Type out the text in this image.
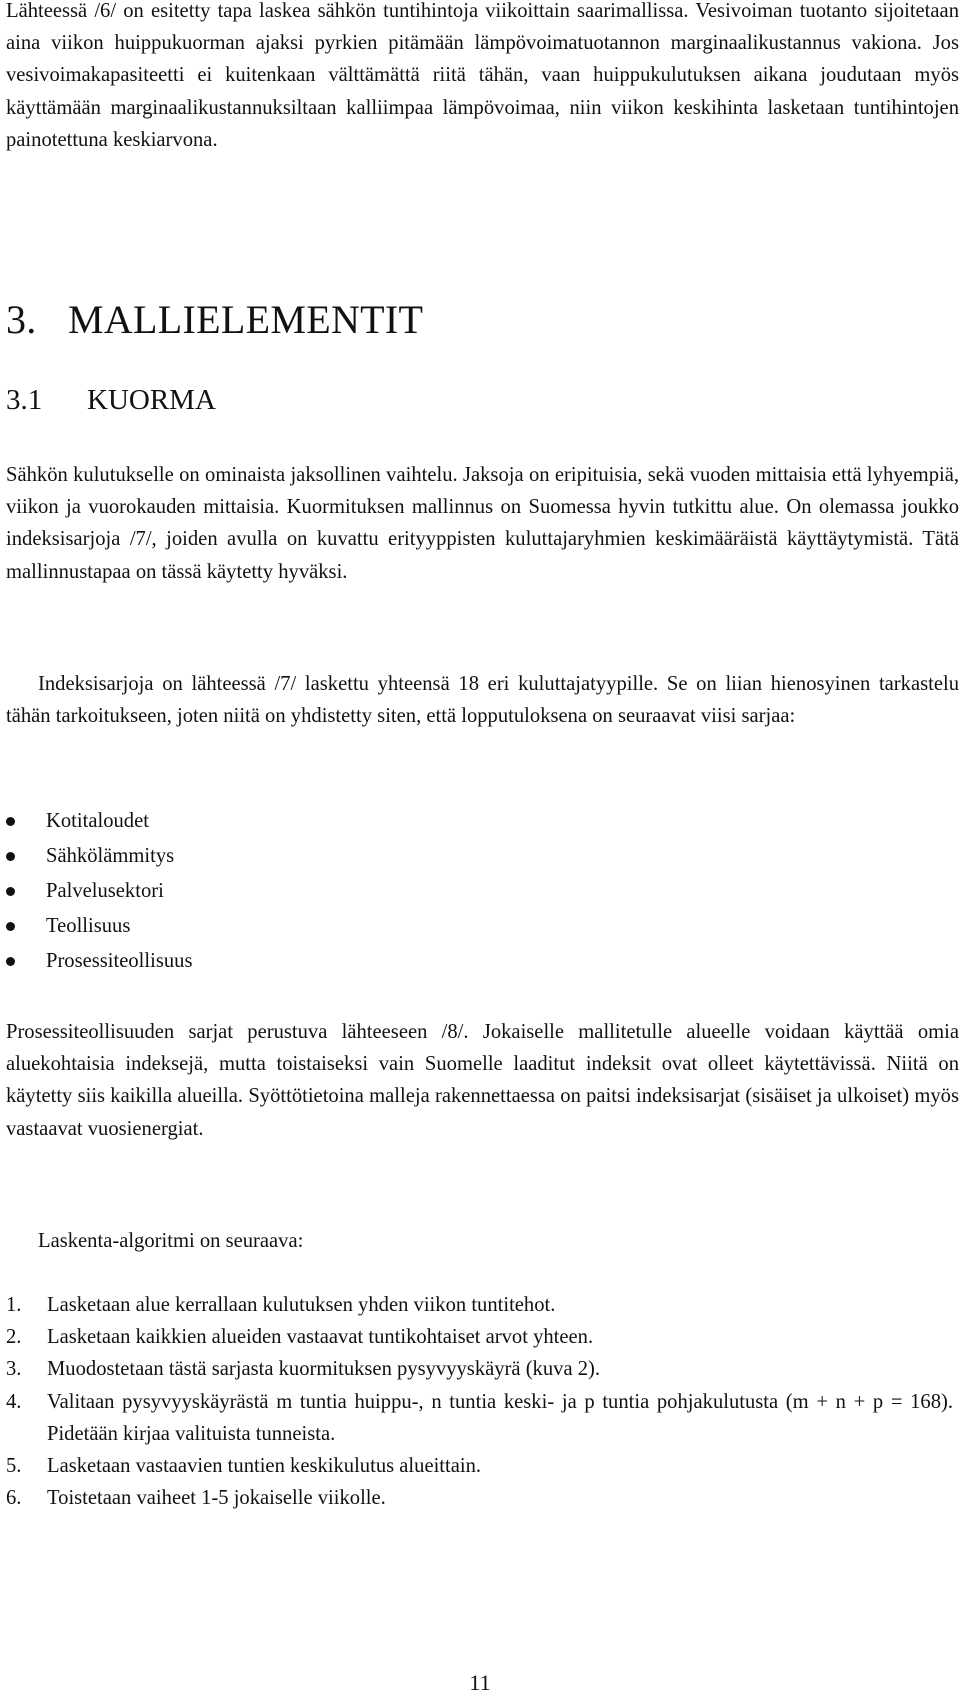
Lähteessä /6/ on esitetty tapa laskea sähkön tuntihintoja viikoittain saarimallissa. Vesivoiman tuotanto sijoitetaan aina viikon huippukuorman ajaksi pyrkien pitämään lämpövoimatuotannon marginaalikustannus vakiona. Jos vesivoimakapasiteetti ei kuitenkaan välttämättä riitä tähän, vaan huippukulutuksen aikana joudutaan myös käyttämään marginaalikustannuksiltaan kalliimpaa lämpövoimaa, niin viikon keskihinta lasketaan tuntihintojen painotettuna keskiarvona.

3. MALLIELEMENTIT
3.1 KUORMA

Sähkön kulutukselle on ominaista jaksollinen vaihtelu. Jaksoja on eripituisia, sekä vuoden mittaisia että lyhyempiä, viikon ja vuorokauden mittaisia. Kuormituksen mallinnus on Suomessa hyvin tutkittu alue. On olemassa joukko indeksisarjoja /7/, joiden avulla on kuvattu erityyppisten kuluttajaryhmien keskimääräistä käyttäytymistä. Tätä mallinnustapaa on tässä käytetty hyväksi.

Indeksisarjoja on lähteessä /7/ laskettu yhteensä 18 eri kuluttajatyypille. Se on liian hienosyinen tarkastelu tähän tarkoitukseen, joten niitä on yhdistetty siten, että lopputuloksena on seuraavat viisi sarjaa:

Kotitaloudet
Sähkölämmitys
Palvelusektori
Teollisuus
Prosessiteollisuus

Prosessiteollisuuden sarjat perustuva lähteeseen /8/. Jokaiselle mallitetulle alueelle voidaan käyttää omia aluekohtaisia indeksejä, mutta toistaiseksi vain Suomelle laaditut indeksit ovat olleet käytettävissä. Niitä on käytetty siis kaikilla alueilla. Syöttötietoina malleja rakennettaessa on paitsi indeksisarjat (sisäiset ja ulkoiset) myös vastaavat vuosienergiat.

Laskenta-algoritmi on seuraava:

1. Lasketaan alue kerrallaan kulutuksen yhden viikon tuntitehot.
2. Lasketaan kaikkien alueiden vastaavat tuntikohtaiset arvot yhteen.
3. Muodostetaan tästä sarjasta kuormituksen pysyvyyskäyrä (kuva 2).
4. Valitaan pysyvyyskäyrästä m tuntia huippu-, n tuntia keski- ja p tuntia pohjakulutusta (m + n + p = 168). Pidetään kirjaa valituista tunneista.
5. Lasketaan vastaavien tuntien keskikulutus alueittain.
6. Toistetaan vaiheet 1-5 jokaiselle viikolle.
11
